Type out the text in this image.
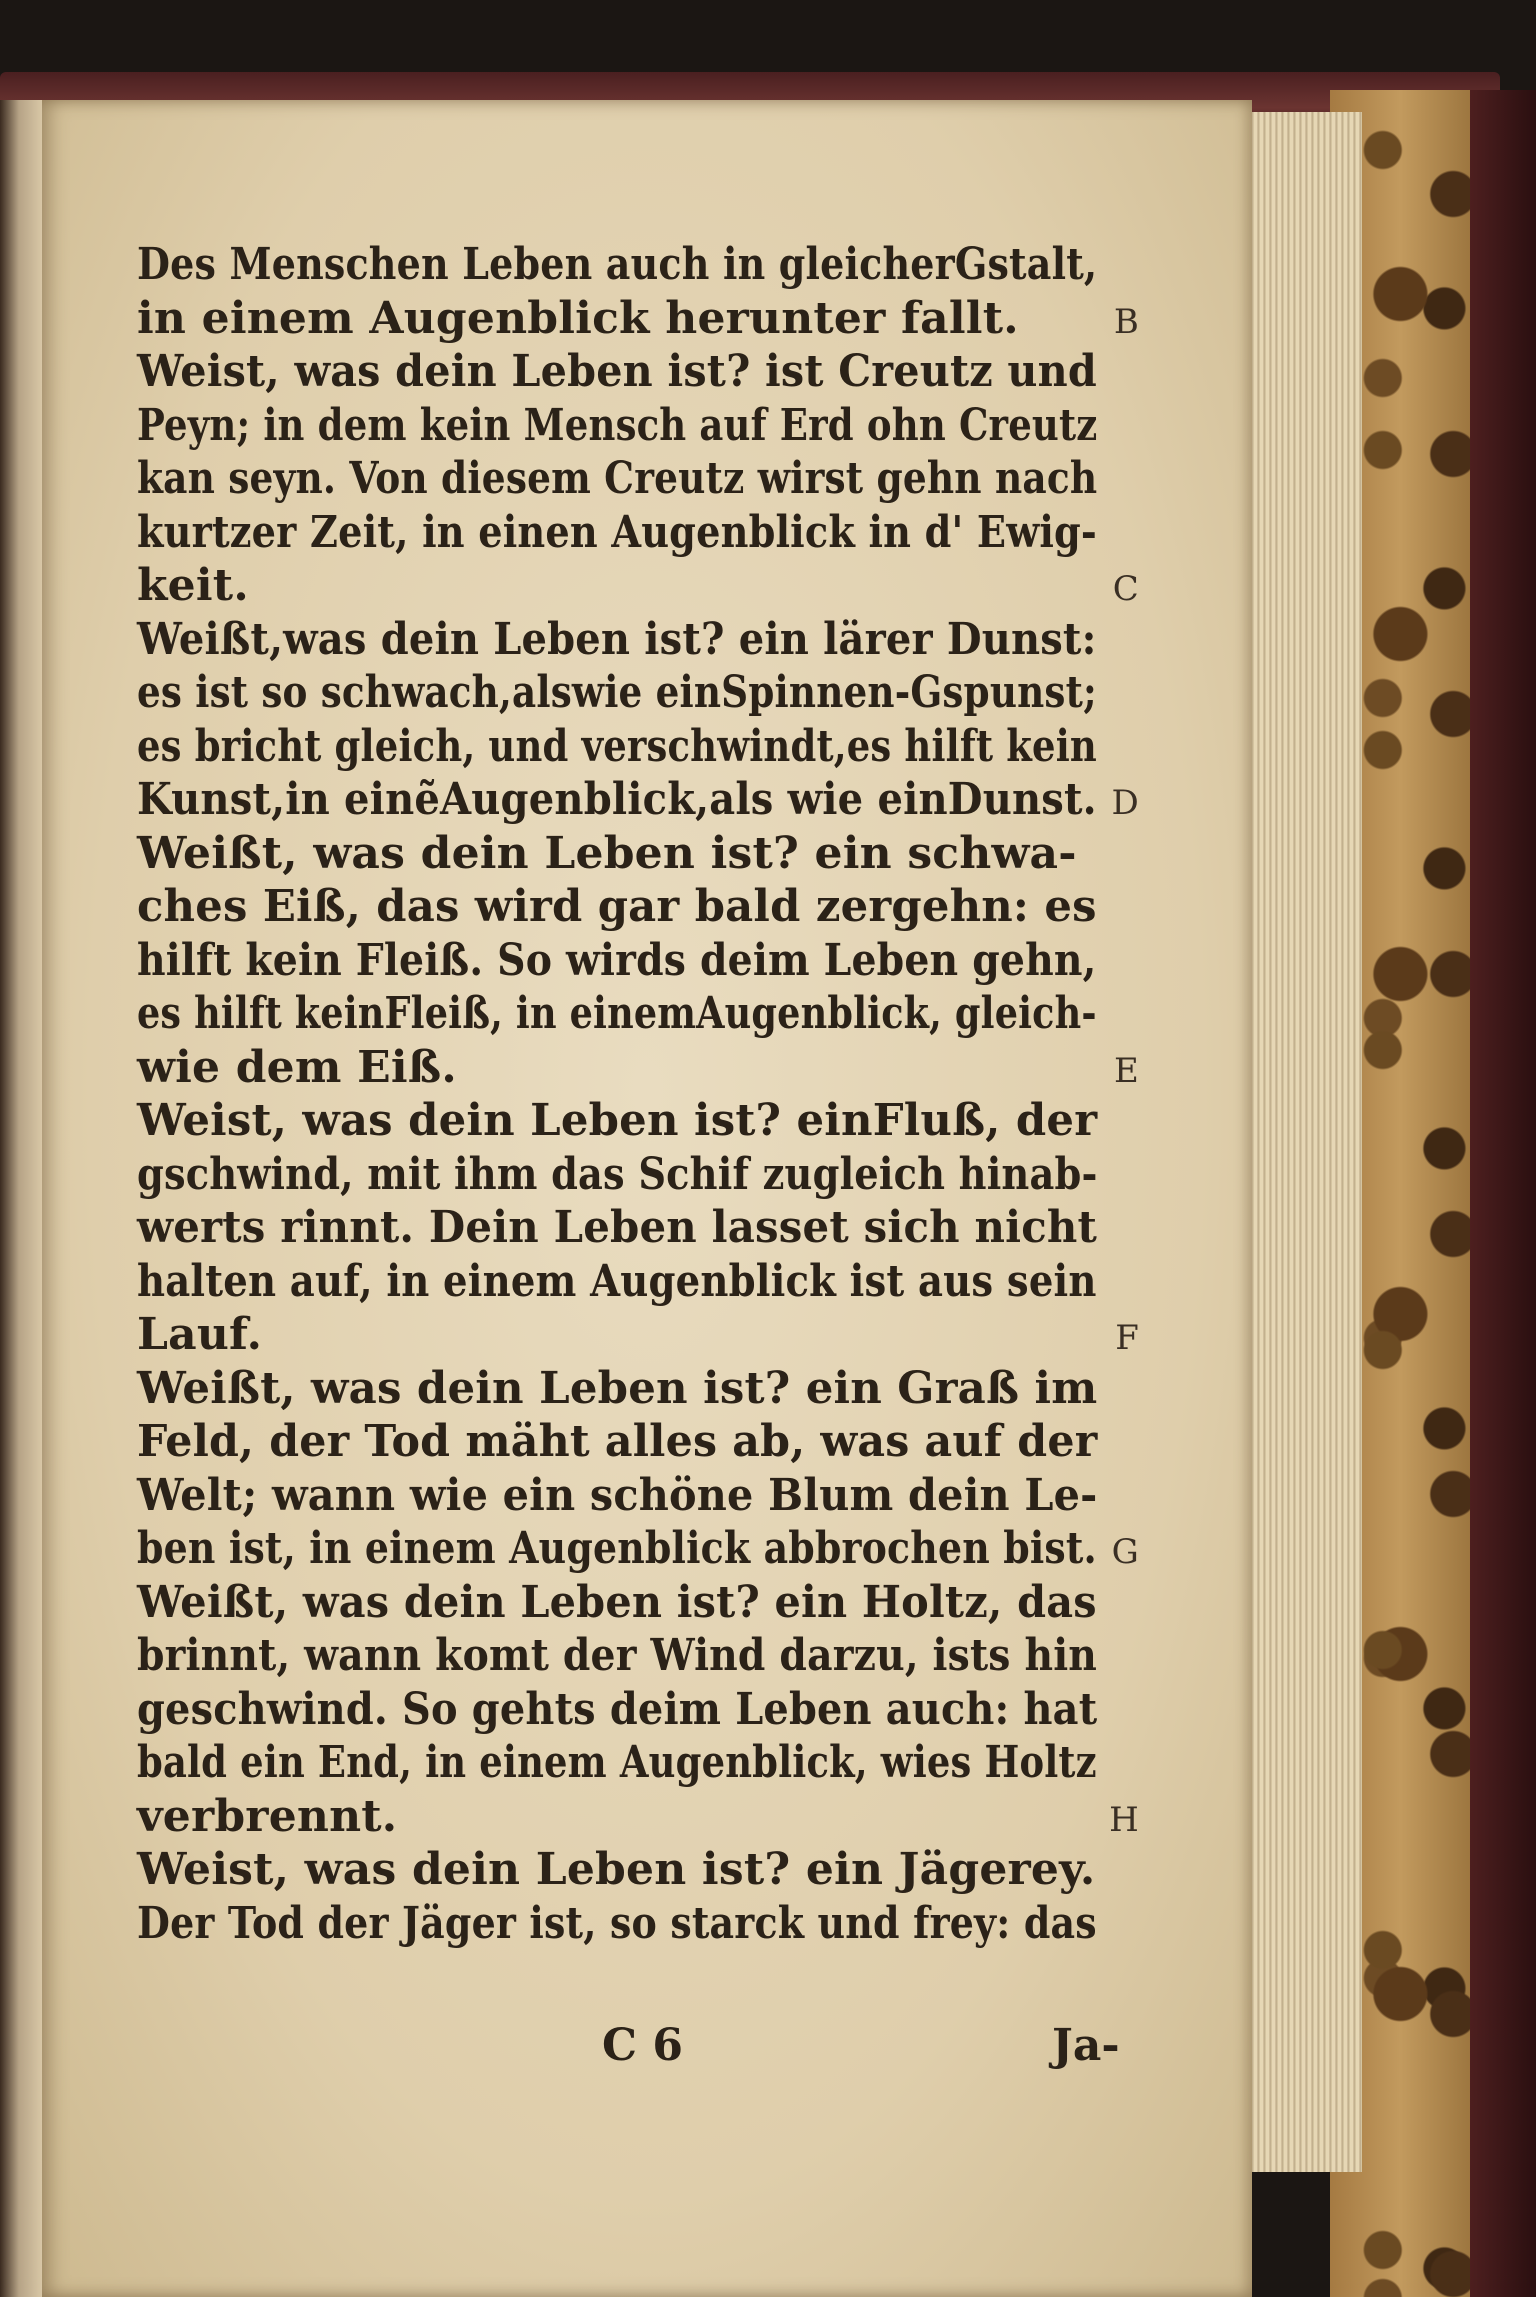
Des Menschen Leben auch in gleicherGstalt,
in einem Augenblick herunter fallt.	B
Weist, was dein Leben ist? ist Creutz und
Peyn; in dem kein Mensch auf Erd ohn Creutz
kan seyn. Von diesem Creutz wirst gehn nach
kurtzer Zeit, in einen Augenblick in d' Ewig-
keit.	C
Weißt,was dein Leben ist? ein lärer Dunst:
es ist so schwach,alswie einSpinnen-Gspunst;
es bricht gleich, und verschwindt,es hilft kein
Kunst,in einẽAugenblick,als wie einDunst. D
Weißt, was dein Leben ist? ein schwa-
ches Eiß, das wird gar bald zergehn: es
hilft kein Fleiß. So wirds deim Leben gehn,
es hilft keinFleiß, in einemAugenblick, gleich-
wie dem Eiß.	E
Weist, was dein Leben ist? einFluß, der
gschwind, mit ihm das Schif zugleich hinab-
werts rinnt. Dein Leben lasset sich nicht
halten auf, in einem Augenblick ist aus sein
Lauf.	F
Weißt, was dein Leben ist? ein Graß im
Feld, der Tod mäht alles ab, was auf der
Welt; wann wie ein schöne Blum dein Le-
ben ist, in einem Augenblick abbrochen bist. G
Weißt, was dein Leben ist? ein Holtz, das
brinnt, wann komt der Wind darzu, ists hin
geschwind. So gehts deim Leben auch: hat
bald ein End, in einem Augenblick, wies Holtz
verbrennt.	H
Weist, was dein Leben ist? ein Jägerey.
Der Tod der Jäger ist, so starck und frey: das
C 6	Ja-
